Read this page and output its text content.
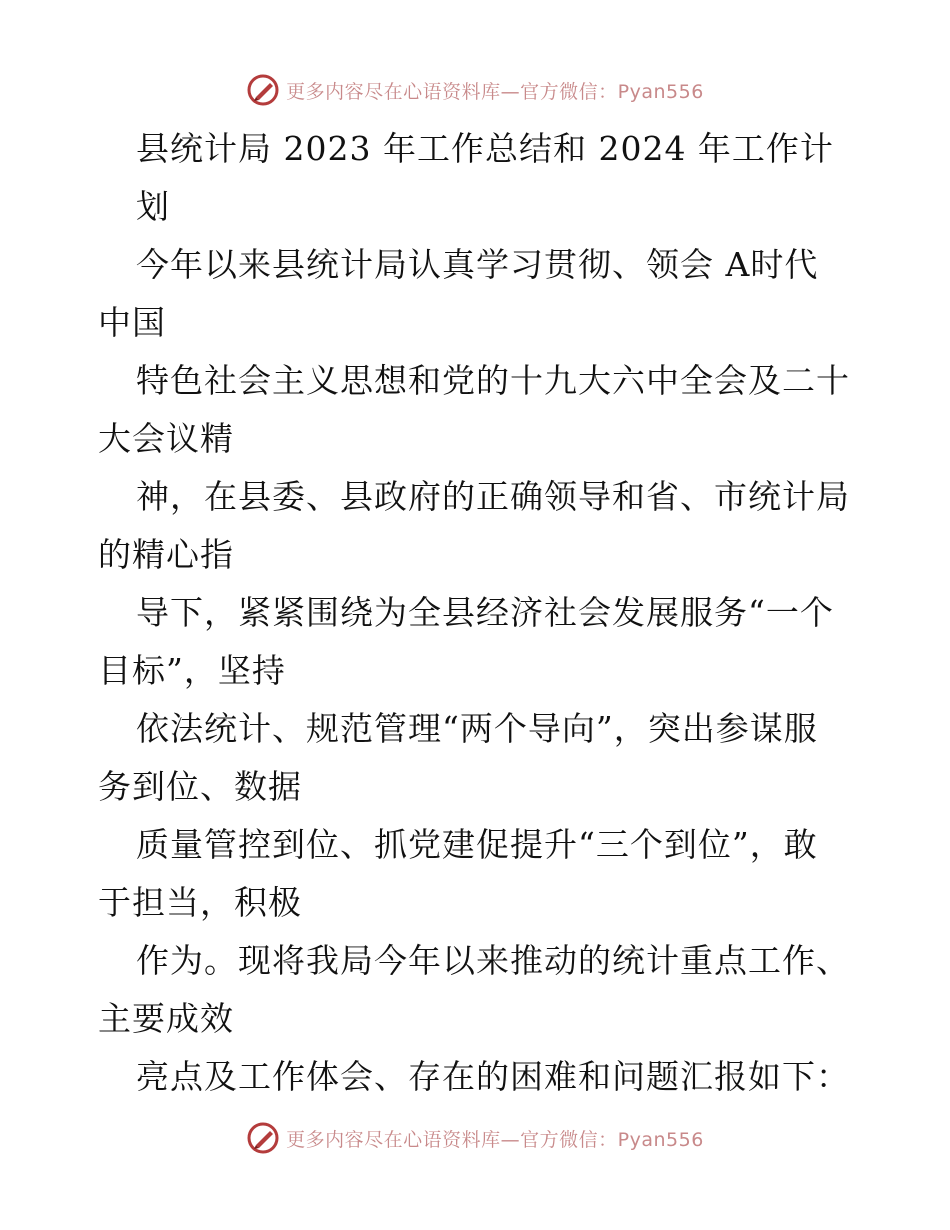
更多内容尽在心语资料库—官方微信：Pyan556
县统计局 2023 年工作总结和 2024 年工作计
划
今年以来县统计局认真学习贯彻、领会 A时代
中国
特色社会主义思想和党的十九大六中全会及二十
大会议精
神，在县委、县政府的正确领导和省、市统计局
的精心指
导下，紧紧围绕为全县经济社会发展服务“一个
目标”，坚持
依法统计、规范管理“两个导向”，突出参谋服
务到位、数据
质量管控到位、抓党建促提升“三个到位”，敢
于担当，积极
作为。现将我局今年以来推动的统计重点工作、
主要成效
亮点及工作体会、存在的困难和问题汇报如下：
更多内容尽在心语资料库—官方微信：Pyan556
